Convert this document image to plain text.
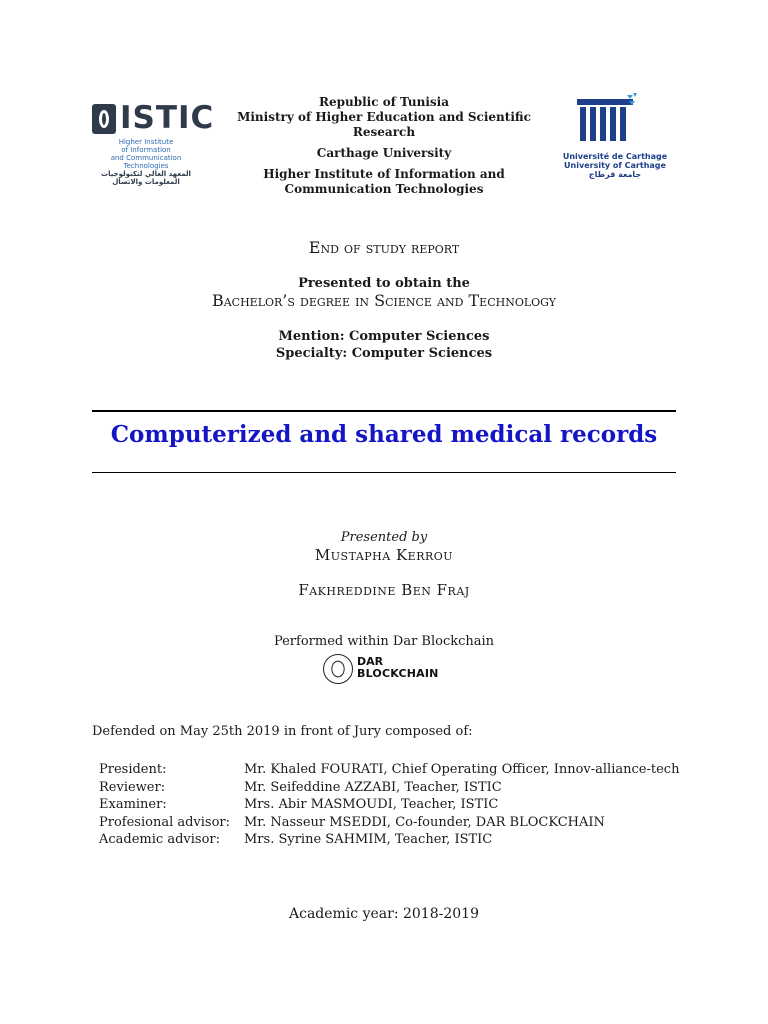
ISTIC
Higher Institute
of Information
and Communication Technologies
المعهد العالي لتكنولوجيات المعلومات والاتصال
Republic of Tunisia
Ministry of Higher Education and Scientific
Research
Carthage University
Higher Institute of Information and
Communication Technologies
Université de Carthage
University of Carthage
جامعة قرطاج
End of study report
Presented to obtain the
Bachelor’s degree in Science and Technology
Mention: Computer Sciences
Specialty: Computer Sciences
Computerized and shared medical records
Presented by
Mustapha Kerrou
Fakhreddine Ben Fraj
Performed within Dar Blockchain
DAR
BLOCKCHAIN
Defended on May 25th 2019 in front of Jury composed of:
President:	Mr. Khaled FOURATI, Chief Operating Officer, Innov-alliance-tech
Reviewer:	Mr. Seifeddine AZZABI, Teacher, ISTIC
Examiner:	Mrs. Abir MASMOUDI, Teacher, ISTIC
Profesional advisor:	Mr. Nasseur MSEDDI, Co-founder, DAR BLOCKCHAIN
Academic advisor:	Mrs. Syrine SAHMIM, Teacher, ISTIC
Academic year: 2018-2019
